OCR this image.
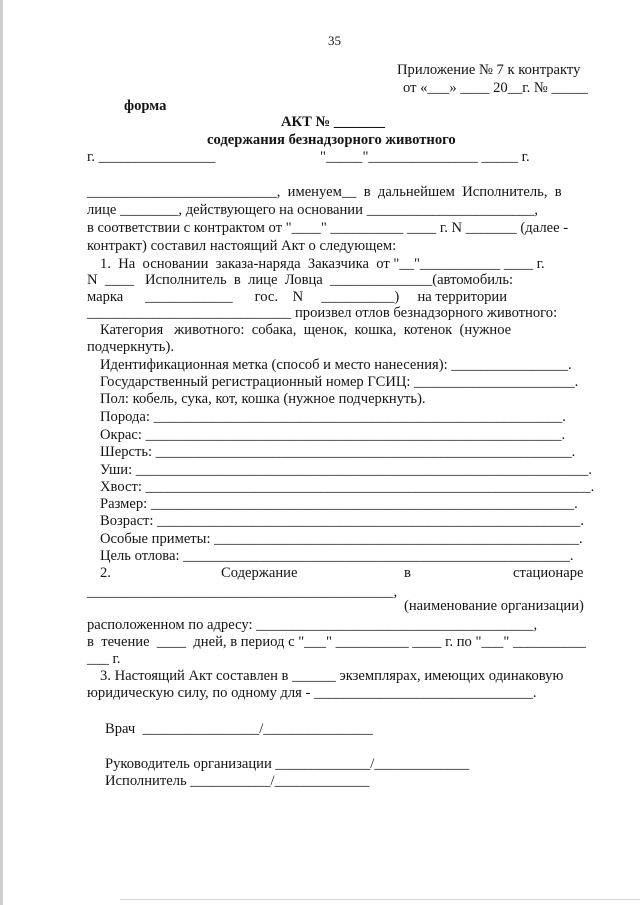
35
Приложение № 7 к контракту
от «___» ____ 20__г. № _____
форма
АКТ № _______
содержания безнадзорного животного
г. ________________	"_____"_______________ _____ г.
__________________________,  именуем__  в  дальнейшем  Исполнитель,  в
лице ________, действующего на основании _______________________,
в соответствии с контрактом от "____" __________ ____ г. N _______ (далее -
контракт) составил настоящий Акт о следующем:
1.  На  основании  заказа-наряда  Заказчика  от "__"___________ ____ г.
N  ____   Исполнитель  в  лице  Ловца  ______________(автомобиль:
марка      ____________      гос.    N     __________)     на территории
____________________________ произвел отлов безнадзорного животного:
Категория   животного:  собака,  щенок,  кошка,  котенок  (нужное
подчеркнуть).
Идентификационная метка (способ и место нанесения): ________________.
Государственный регистрационный номер ГСИЦ: ______________________.
Пол: кобель, сука, кот, кошка (нужное подчеркнуть).
Порода: ________________________________________________________.
Окрас: _________________________________________________________.
Шерсть: _________________________________________________________.
Уши: ______________________________________________________________.
Хвост: _____________________________________________________________.
Размер: __________________________________________________________.
Возраст: __________________________________________________________.
Особые приметы: __________________________________________________.
Цель отлова: _____________________________________________________.
2.	Содержание	в	стационаре
__________________________________________,
(наименование организации)
расположенном по адресу: ______________________________________,
в  течение  ____  дней, в период с "___" __________ ____ г. по "___" __________
___ г.
3. Настоящий Акт составлен в ______ экземплярах, имеющих одинаковую
юридическую силу, по одному для - ______________________________.
Врач  ________________/_______________
Руководитель организации _____________/_____________
Исполнитель ___________/_____________
